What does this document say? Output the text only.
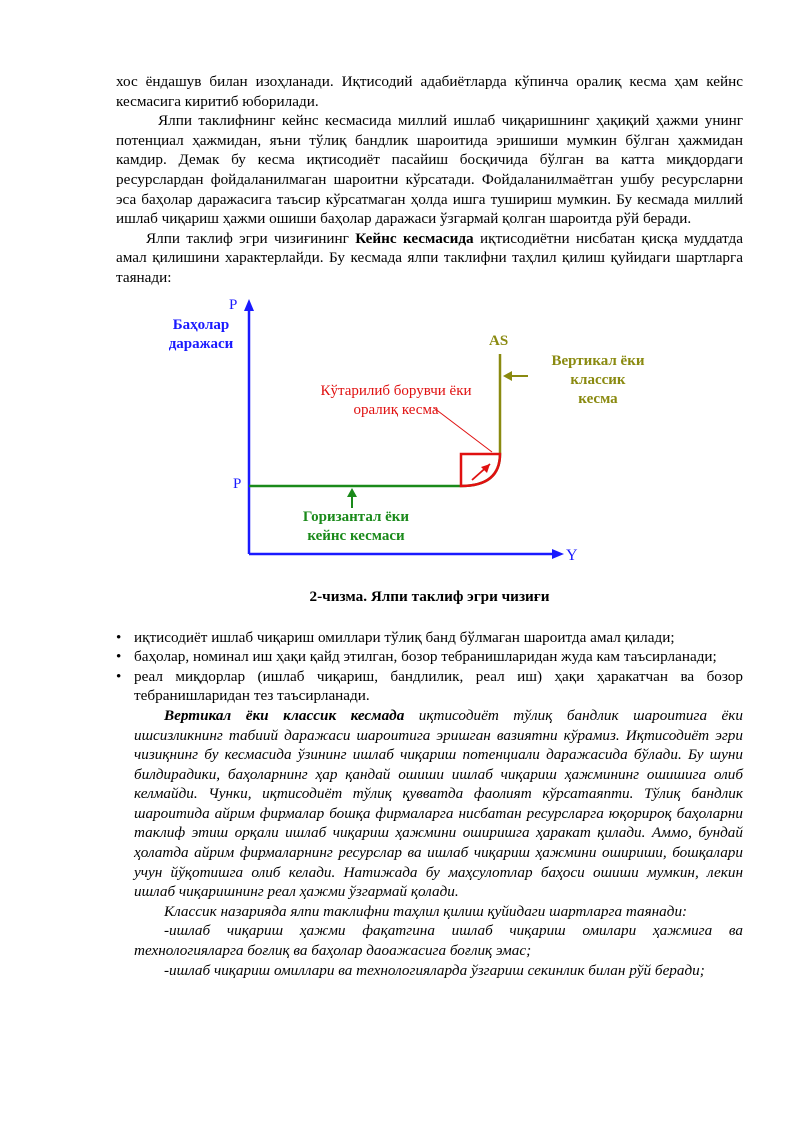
хос ёндашув билан изоҳланади. Иқтисодий адабиётларда кўпинча оралиқ кесма ҳам кейнс кесмасига киритиб юборилади.

Ялпи таклифнинг кейнс кесмасида миллий ишлаб чиқаришнинг ҳақиқий ҳажми унинг потенциал ҳажмидан, яъни тўлиқ бандлик шароитида эришиши мумкин бўлган ҳажмидан камдир. Демак бу кесма иқтисодиёт пасайиш босқичида бўлган ва катта миқдордаги ресурслардан фойдаланилмаган шароитни кўрсатади. Фойдаланилмаётган ушбу ресурсларни эса баҳолар даражасига таъсир кўрсатмаган ҳолда ишга тушириш мумкин. Бу кесмада миллий ишлаб чиқариш ҳажми ошиши баҳолар даражаси ўзгармай қолган шароитда рўй беради.

Ялпи таклиф эгри чизиғининг Кейнс кесмасида иқтисодиётни нисбатан қисқа муддатда амал қилишини характерлайди. Бу кесмада ялпи таклифни таҳлил қилиш қуйидаги шартларга таянади:

P
Баҳолар
даражаси
P
Y
AS
Вертикал ёки
классик
кесма
Кўтарилиб борувчи ёки
оралиқ кесма
Горизантал ёки
кейнс кесмаси
2-чизма. Ялпи таклиф эгри чизиғи
• иқтисодиёт ишлаб чиқариш омиллари тўлиқ банд бўлмаган шароитда амал қилади;
• баҳолар, номинал иш ҳақи қайд этилган, бозор тебранишларидан жуда кам таъсирланади;
• реал миқдорлар (ишлаб чиқариш, бандлилик, реал иш) ҳақи ҳаракатчан ва бозор тебранишларидан тез таъсирланади.

Вертикал ёки классик кесмада иқтисодиёт тўлиқ бандлик шароитига ёки ишсизликнинг табиий даражаси шароитига эришган вазиятни кўрамиз. Иқтисодиёт эгри чизиқнинг бу кесмасида ўзининг ишлаб чиқариш потенциали даражасида бўлади. Бу шуни билдирадики, баҳоларнинг ҳар қандай ошиши ишлаб чиқариш ҳажмининг ошишига олиб келмайди. Чунки, иқтисодиёт тўлиқ қувватда фаолият кўрсатаяпти. Тўлиқ бандлик шароитида айрим фирмалар бошқа фирмаларга нисбатан ресурсларга юқорироқ баҳоларни таклиф этиш орқали ишлаб чиқариш ҳажмини оширишга ҳаракат қилади. Аммо, бундай ҳолатда айрим фирмаларнинг ресурслар ва ишлаб чиқариш ҳажмини ошириши, бошқалари учун йўқотишга олиб келади. Натижада бу маҳсулотлар баҳоси ошиши мумкин, лекин ишлаб чиқаришнинг реал ҳажми ўзгармай қолади.

Классик назарияда ялпи таклифни таҳлил қилиш қуйидаги шартларга таянади:

-ишлаб чиқариш ҳажми фақатгина ишлаб чиқариш омилари ҳажмига ва технологияларга боғлиқ ва баҳолар даоажасига боғлиқ эмас;

-ишлаб чиқариш омиллари ва технологияларда ўзгариш секинлик билан рўй беради;
